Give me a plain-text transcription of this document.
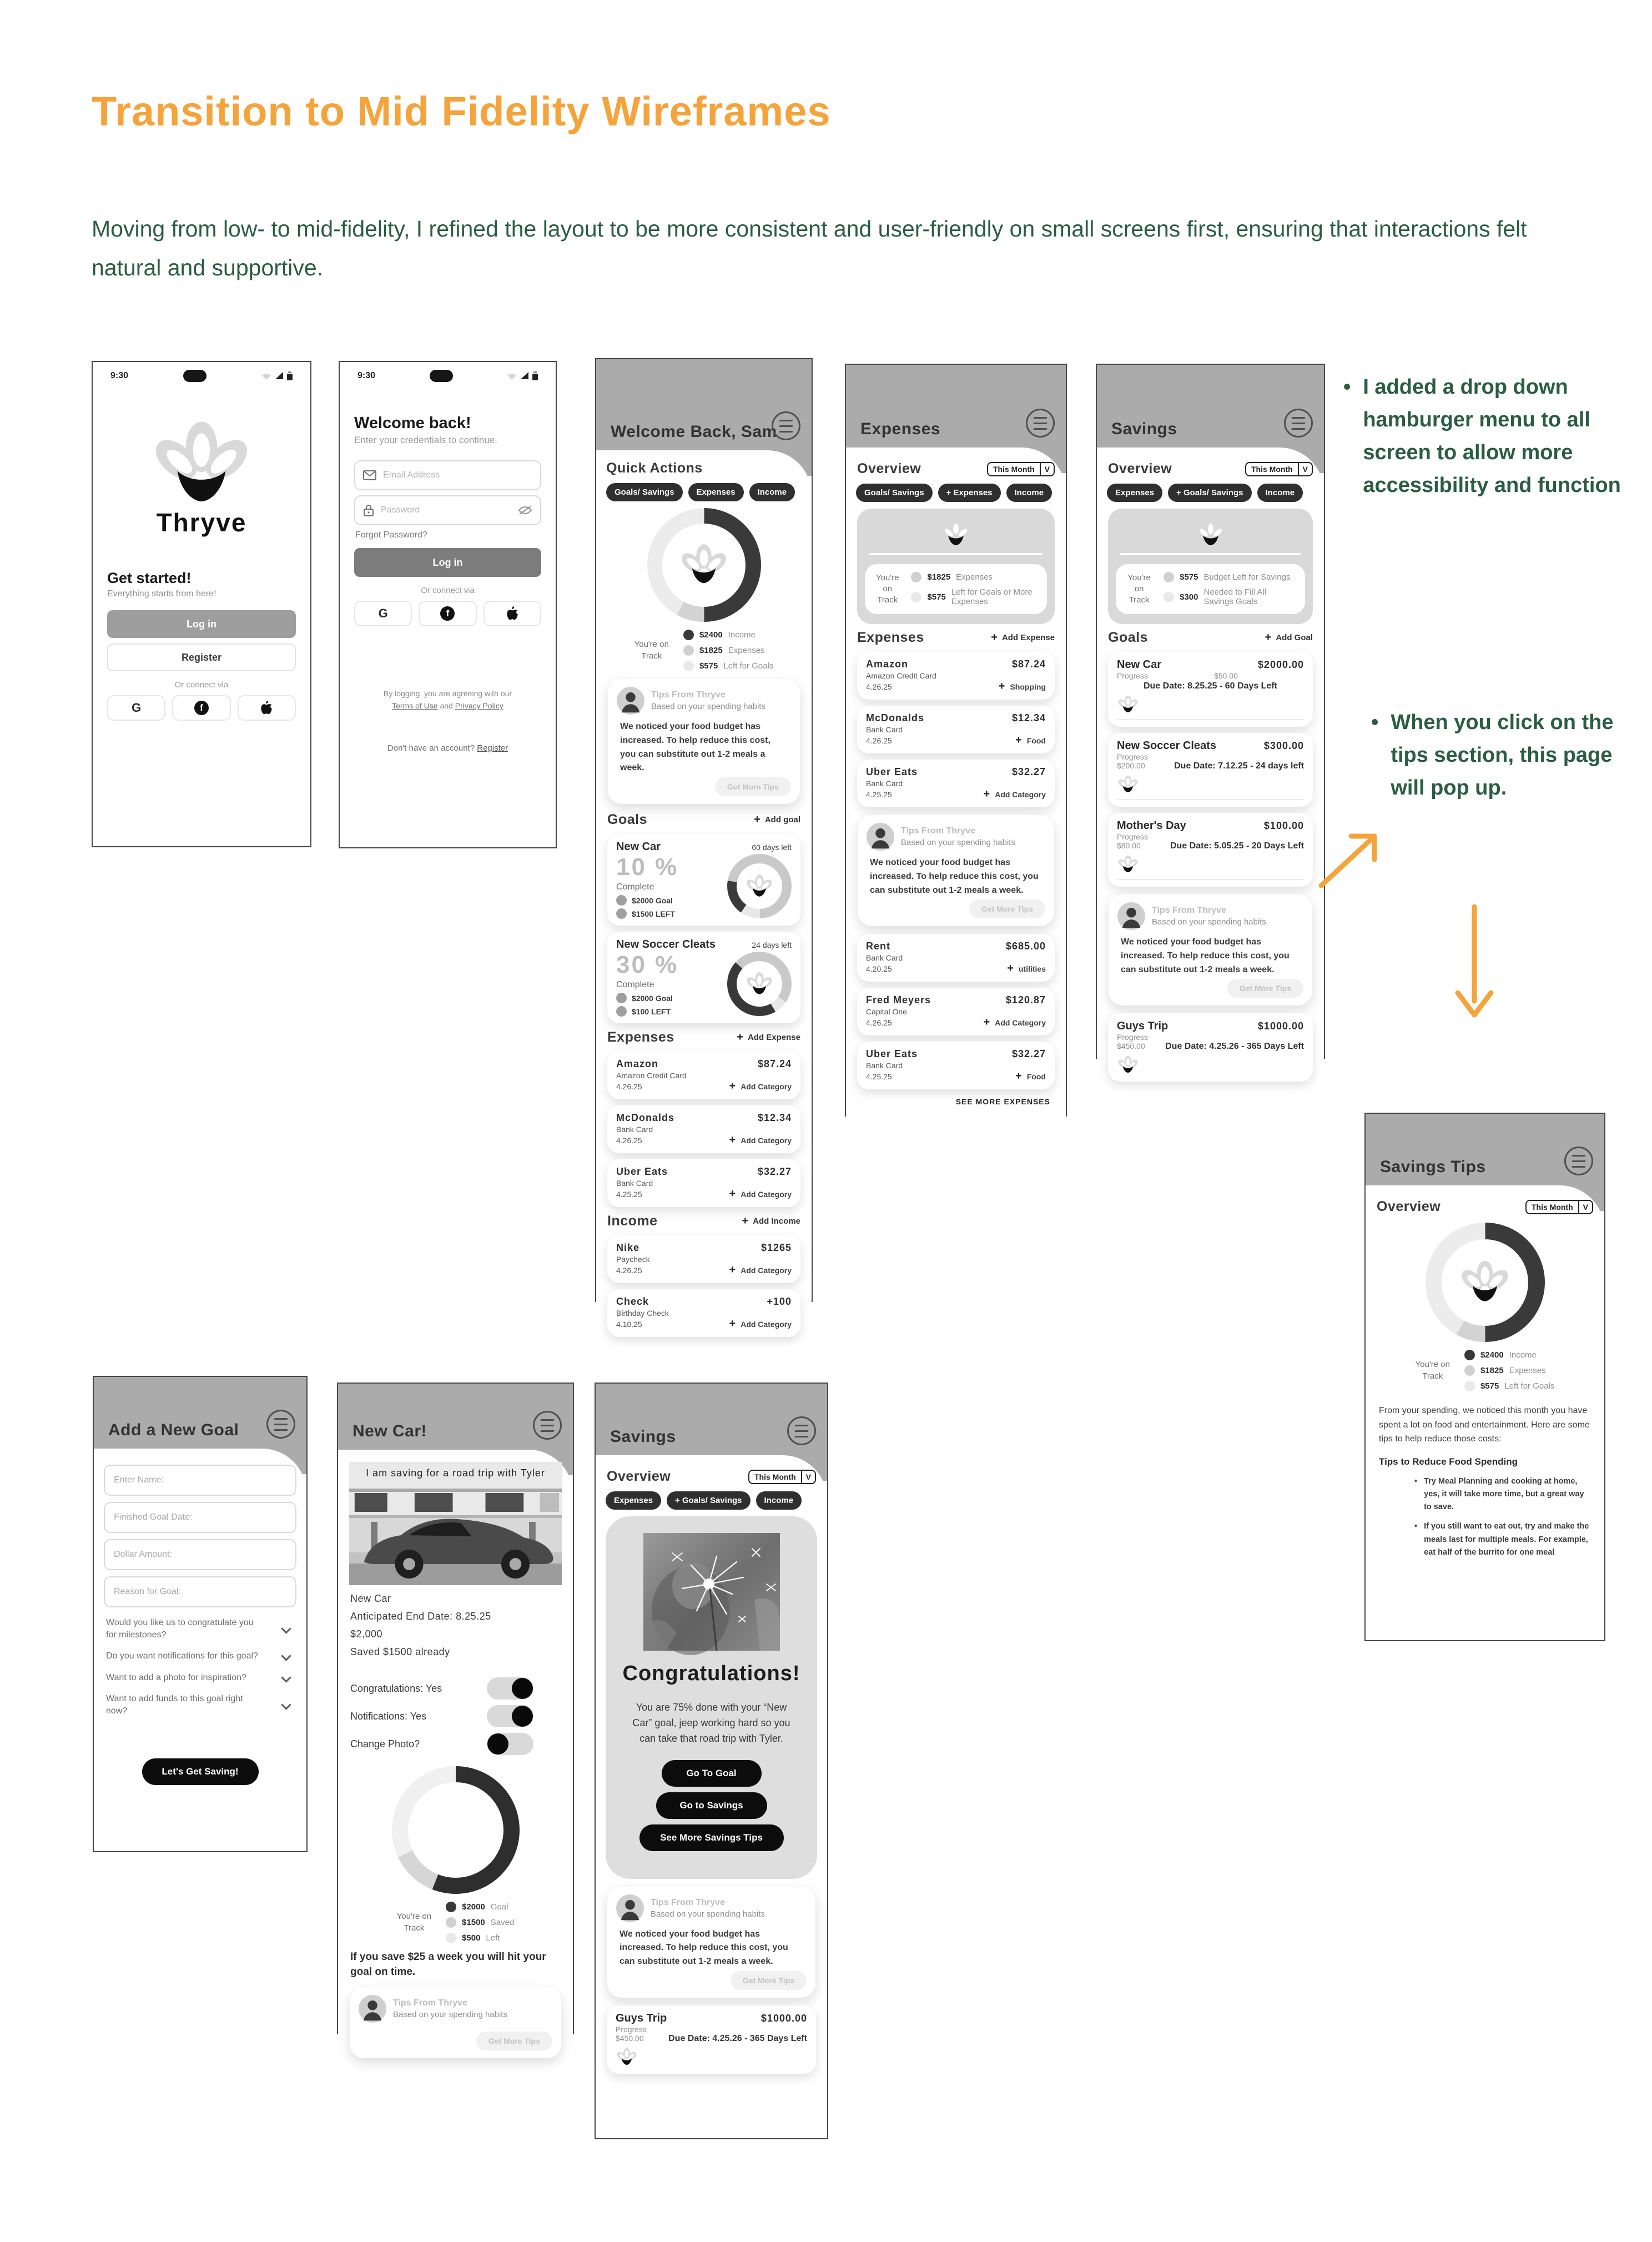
Transition to Mid Fidelity Wireframes
Moving from low- to mid-fidelity, I refined the layout to be more consistent and user-friendly on small screens first, ensuring that interactions felt natural and supportive.
9:30
Thryve
Get started!
Everything starts from here!
Log in
Register
Or connect via
G	f
9:30
Welcome back!
Enter your credentials to continue.
Email Address
Forgot Password?
Log in
Or connect via
G	f
By logging, you are agreeing with our
Terms of Use and Privacy Policy
Don't have an account? Register
Welcome Back, Sam
Quick Actions
Goals/ Savings	Expenses	Income
You're on
Track
$2400 Income
$1825 Expenses
$575 Left for Goals
Tips From Thryve
Based on your spending habits
We noticed your food budget has increased. To help reduce this cost, you can substitute out 1-2 meals a week.
Get More Tips
Goals	+ Add goal
New Car	60 days left
10 %
Complete
$2000 Goal
$1500 LEFT
New Soccer Cleats	24 days left
30 %
Complete
$2000 Goal
$100 LEFT
Expenses	+ Add Expense
Amazon	$87.24
Amazon Credit Card
4.26.25	+ Add Category
McDonalds	$12.34
Bank Card
4.26.25	+ Add Category
Uber Eats	$32.27
Bank Card
4.25.25	+ Add Category
Income	+ Add Income
Nike	$1265
Paycheck
4.26.25	+ Add Category
Check	+100
Birthday Check
4.10.25	+ Add Category
Expenses
Overview	This Month	V
Goals/ Savings	+ Expenses	Income
You're on
Track
$1825 Expenses
$575 Left for Goals or More Expenses
Expenses	+ Add Expense
Amazon	$87.24
Amazon Credit Card
4.26.25	+ Shopping
McDonalds	$12.34
Bank Card
4.26.25	+ Food
Uber Eats	$32.27
Bank Card
4.25.25	+ Add Category
Tips From Thryve
Based on your spending habits
We noticed your food budget has increased. To help reduce this cost, you can substitute out 1-2 meals a week.
Get More Tips
Rent	$685.00
Bank Card
4.20.25	+ utilities
Fred Meyers	$120.87
Capital One
4.26.25	+ Add Category
Uber Eats	$32.27
Bank Card
4.25.25	+ Food
SEE MORE EXPENSES
Savings
Overview	This Month	V
Expenses	+ Goals/ Savings	Income
You're on
Track
$575 Budget Left for Savings
$300 Needed to Fill All Savings Goals
Goals	+ Add Goal
New Car	$2000.00
Progress	$50.00
Due Date: 8.25.25 - 60 Days Left
New Soccer Cleats	$300.00
Progress
$200.00	Due Date: 7.12.25 - 24 days left
Mother's Day	$100.00
Progress
$80.00	Due Date: 5.05.25 - 20 Days Left
Tips From Thryve
Based on your spending habits
We noticed your food budget has increased. To help reduce this cost, you can substitute out 1-2 meals a week.
Get More Tips
Guys Trip	$1000.00
Progress
$450.00 Due Date: 4.25.26 - 365 Days Left
• I added a drop down hamburger menu to all screen to allow more accessibility and function
• When you click on the tips section, this page will pop up.
Savings Tips
Overview	This Month	V
You're on
Track
$2400 Income
$1825 Expenses
$575 Left for Goals
From your spending, we noticed this month you have spent a lot on food and entertainment. Here are some tips to help reduce those costs:
Tips to Reduce Food Spending
• Try Meal Planning and cooking at home, yes, it will take more time, but a great way to save.
• If you still want to eat out, try and make the meals last for multiple meals. For example, eat half of the burrito for one meal
Add a New Goal
Enter Name:
Finished Goal Date:
Dollar Amount:
Reason for Goal:
Would you like us to congratulate you for milestones?
Do you want notifications for this goal?
Want to add a photo for inspiration?
Want to add funds to this goal right now?
Let's Get Saving!
New Car!
I am saving for a road trip with Tyler
New Car
Anticipated End Date: 8.25.25
$2,000
Saved $1500 already
Congratulations: Yes
Notifications: Yes
Change Photo?
You're on
Track
$2000 Goal
$1500 Saved
$500 Left
If you save $25 a week you will hit your goal on time.
Tips From Thryve
Based on your spending habits
Get More Tips
Savings
Overview	This Month	V
Expenses	+ Goals/ Savings	Income
Congratulations!
You are 75% done with your “New Car” goal, jeep working hard so you can take that road trip with Tyler.
Go To Goal
Go to Savings
See More Savings Tips
Tips From Thryve
Based on your spending habits
We noticed your food budget has increased. To help reduce this cost, you can substitute out 1-2 meals a week.
Get More Tips
Guys Trip	$1000.00
Progress
$450.00	Due Date: 4.25.26 - 365 Days Left
